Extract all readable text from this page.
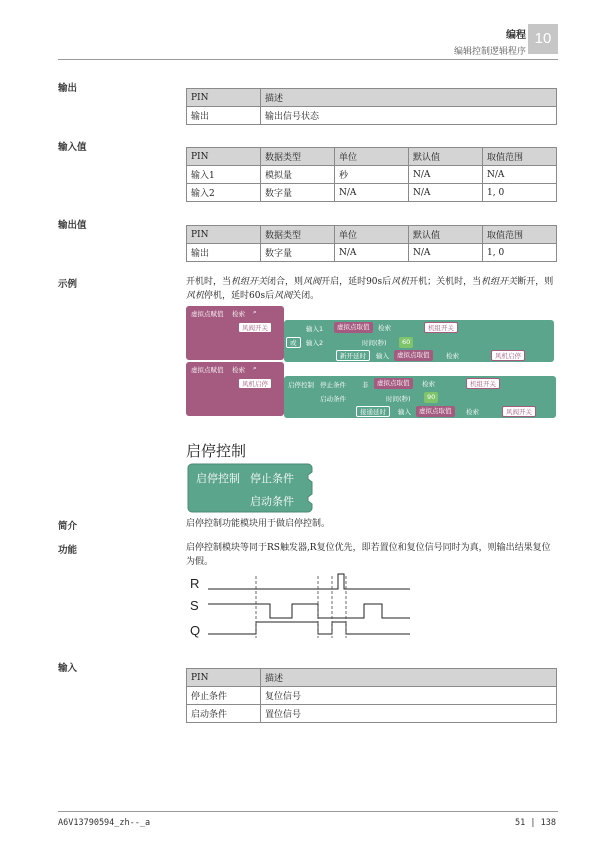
编程
编辑控制逻辑程序
10
输出
PIN	描述
输出	输出信号状态
输入值
PIN	数据类型	单位	默认值	取值范围
输入1	模拟量	秒	N/A	N/A
输入2	数字量	N/A	N/A	1, 0
输出值
PIN	数据类型	单位	默认值	取值范围
输出	数字量	N/A	N/A	1, 0
示例	开机时，当机组开关闭合，则风阀开启，延时90s后风机开机；关机时，当机组开关断开，则风机停机，延时60s后风阀关闭。
虚拟点赋值 检索 ⌕
风阀开关	输入1	虚拟点取值	检索	机组开关
或	输入2	时间(秒)	60
新开延时	输入	虚拟点取值	检索	风机启停
虚拟点赋值 检索 ⌕
风机启停	启停控制 停止条件 非	虚拟点取值	检索	机组开关
启动条件	时间(秒)	90
接通延时	输入	虚拟点取值	检索	风阀开关
启停控制
启停控制 停止条件
启动条件
简介	启停控制功能模块用于做启停控制。
功能	启停控制模块等同于RS触发器,R复位优先，即若置位和复位信号同时为真，则输出结果复位为假。
R
S
Q
输入
PIN	描述
停止条件	复位信号
启动条件	置位信号
A6V13790594_zh--_a	51 | 138
